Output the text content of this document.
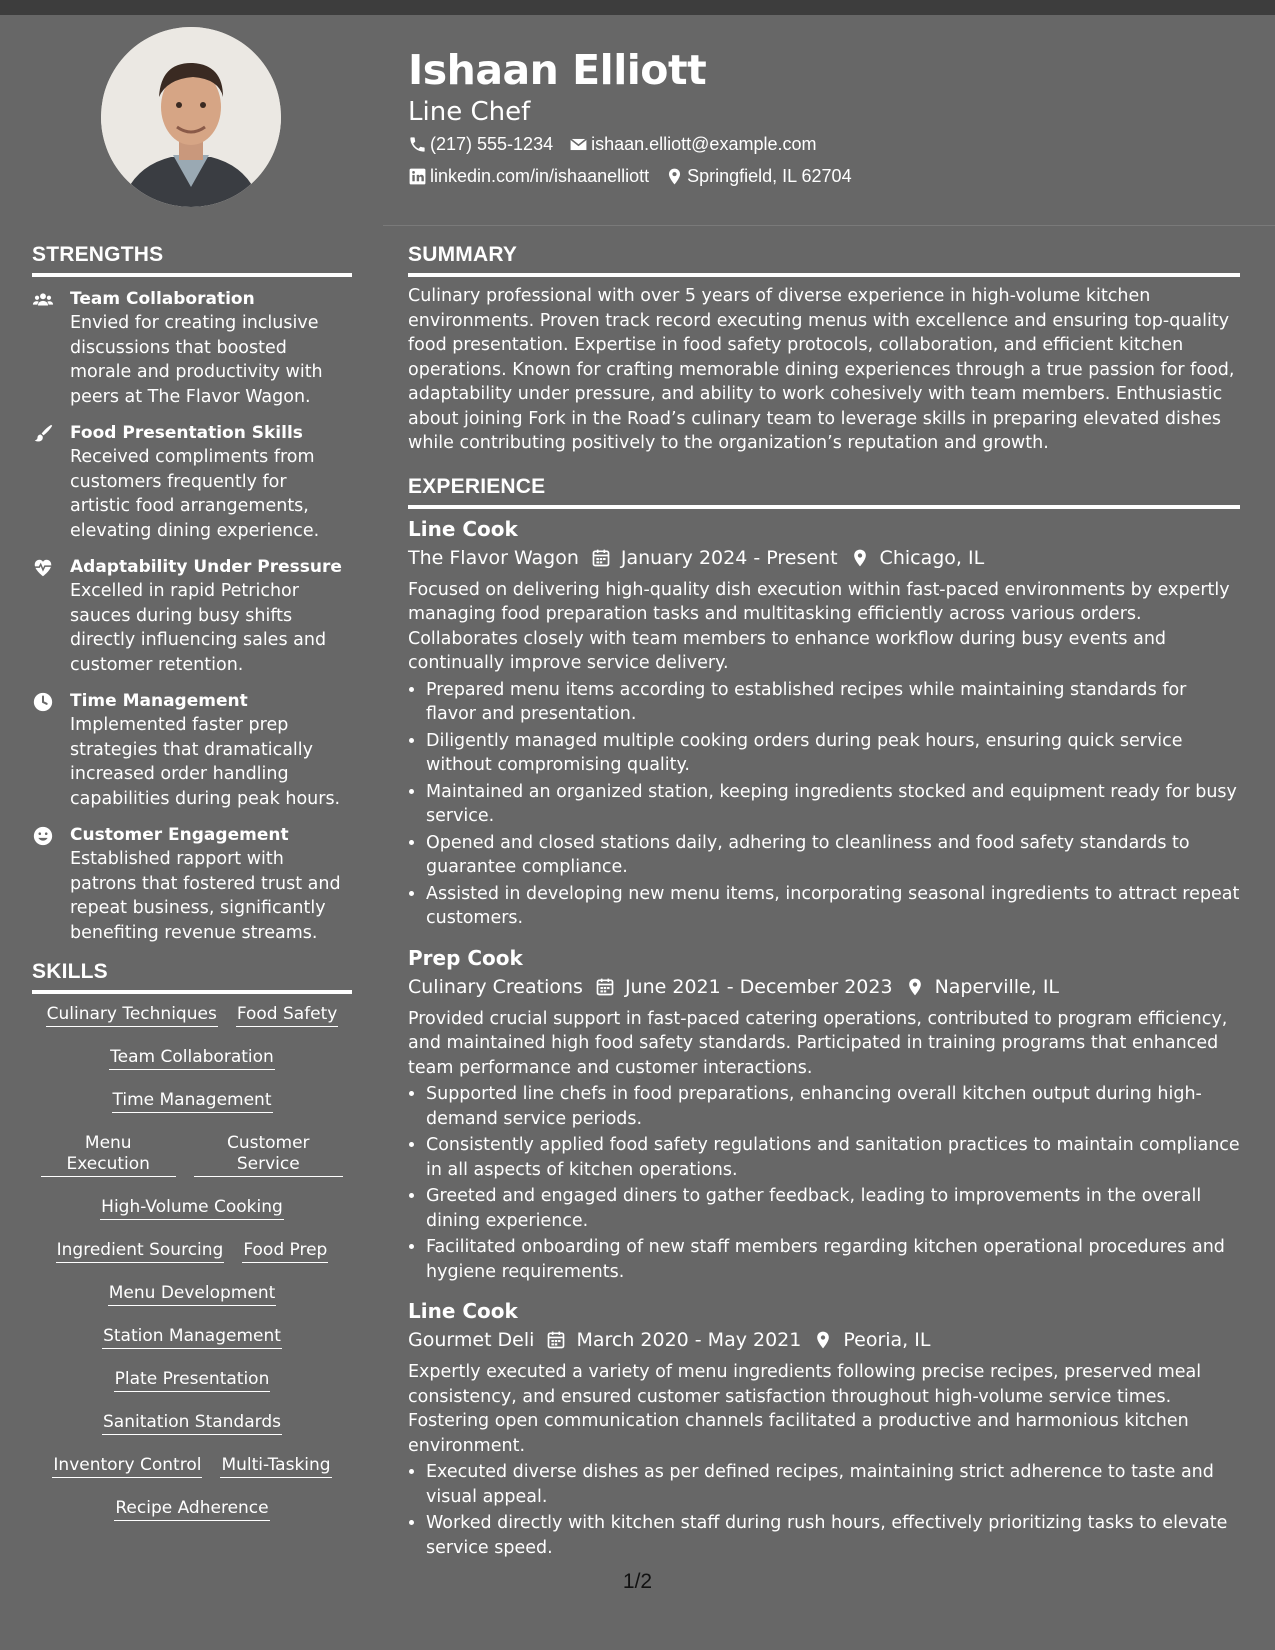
Ishaan Elliott
Line Chef
(217) 555-1234 ishaan.elliott@example.com
linkedin.com/in/ishaanelliott Springfield, IL 62704
STRENGTHS
Team Collaboration
Envied for creating inclusive discussions that boosted morale and productivity with peers at The Flavor Wagon.
Food Presentation Skills
Received compliments from customers frequently for artistic food arrangements, elevating dining experience.
Adaptability Under Pressure
Excelled in rapid Petrichor sauces during busy shifts directly influencing sales and customer retention.
Time Management
Implemented faster prep strategies that dramatically increased order handling capabilities during peak hours.
Customer Engagement
Established rapport with patrons that fostered trust and repeat business, significantly benefiting revenue streams.
SKILLS
Culinary Techniques Food Safety
Team Collaboration
Time Management
Menu Execution
Customer Service
High-Volume Cooking
Ingredient Sourcing Food Prep
Menu Development
Station Management
Plate Presentation
Sanitation Standards
Inventory Control Multi-Tasking
Recipe Adherence
SUMMARY
Culinary professional with over 5 years of diverse experience in high-volume kitchen environments. Proven track record executing menus with excellence and ensuring top-quality food presentation. Expertise in food safety protocols, collaboration, and efficient kitchen operations. Known for crafting memorable dining experiences through a true passion for food, adaptability under pressure, and ability to work cohesively with team members. Enthusiastic about joining Fork in the Road’s culinary team to leverage skills in preparing elevated dishes while contributing positively to the organization’s reputation and growth.
EXPERIENCE
Line Cook
The Flavor Wagon January 2024 - Present Chicago, IL
Focused on delivering high-quality dish execution within fast-paced environments by expertly managing food preparation tasks and multitasking efficiently across various orders. Collaborates closely with team members to enhance workflow during busy events and continually improve service delivery.
• Prepared menu items according to established recipes while maintaining standards for flavor and presentation.
• Diligently managed multiple cooking orders during peak hours, ensuring quick service without compromising quality.
• Maintained an organized station, keeping ingredients stocked and equipment ready for busy service.
• Opened and closed stations daily, adhering to cleanliness and food safety standards to guarantee compliance.
• Assisted in developing new menu items, incorporating seasonal ingredients to attract repeat customers.
Prep Cook
Culinary Creations June 2021 - December 2023 Naperville, IL
Provided crucial support in fast-paced catering operations, contributed to program efficiency, and maintained high food safety standards. Participated in training programs that enhanced team performance and customer interactions.
• Supported line chefs in food preparations, enhancing overall kitchen output during high-demand service periods.
• Consistently applied food safety regulations and sanitation practices to maintain compliance in all aspects of kitchen operations.
• Greeted and engaged diners to gather feedback, leading to improvements in the overall dining experience.
• Facilitated onboarding of new staff members regarding kitchen operational procedures and hygiene requirements.
Line Cook
Gourmet Deli March 2020 - May 2021 Peoria, IL
Expertly executed a variety of menu ingredients following precise recipes, preserved meal consistency, and ensured customer satisfaction throughout high-volume service times. Fostering open communication channels facilitated a productive and harmonious kitchen environment.
• Executed diverse dishes as per defined recipes, maintaining strict adherence to taste and visual appeal.
• Worked directly with kitchen staff during rush hours, effectively prioritizing tasks to elevate service speed.
1/2
